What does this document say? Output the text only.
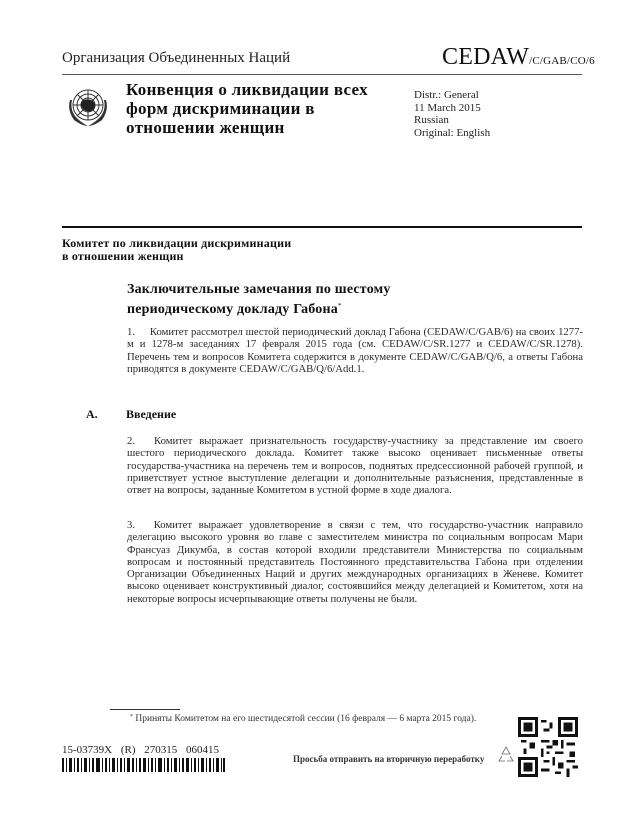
Организация Объединенных Наций	CEDAW/C/GAB/CO/6
Конвенция о ликвидации всех
форм дискриминации в
отношении женщин
Distr.: General
11 March 2015
Russian
Original: English
Комитет по ликвидации дискриминации
в отношении женщин
Заключительные замечания по шестому
периодическому докладу Габона*
1. Комитет рассмотрел шестой периодический доклад Габона (CEDAW/C/GAB/6) на своих 1277-м и 1278-м заседаниях 17 февраля 2015 года (см. CEDAW/C/SR.1277 и CEDAW/C/SR.1278). Перечень тем и вопросов Комитета содержится в документе CEDAW/C/GAB/Q/6, а ответы Габона приводятся в документе CEDAW/C/GAB/Q/6/Add.1.
A. Введение
2. Комитет выражает признательность государству-участнику за представление им своего шестого периодического доклада. Комитет также высоко оценивает письменные ответы государства-участника на перечень тем и вопросов, поднятых предсессионной рабочей группой, и приветствует устное выступление делегации и дополнительные разъяснения, представленные в ответ на вопросы, заданные Комитетом в устной форме в ходе диалога.
3. Комитет выражает удовлетворение в связи с тем, что государство-участник направило делегацию высокого уровня во главе с заместителем министра по социальным вопросам Мари Франсуаз Дикумба, в состав которой входили представители Министерства по социальным вопросам и постоянный представитель Постоянного представительства Габона при отделении Организации Объединенных Наций и других международных организациях в Женеве. Комитет высоко оценивает конструктивный диалог, состоявшийся между делегацией и Комитетом, хотя на некоторые вопросы исчерпывающие ответы получены не были.
* Приняты Комитетом на его шестидесятой сессии (16 февраля — 6 марта 2015 года).
15-03739X (R) 270315 060415
Просьба отправить на вторичную переработку
